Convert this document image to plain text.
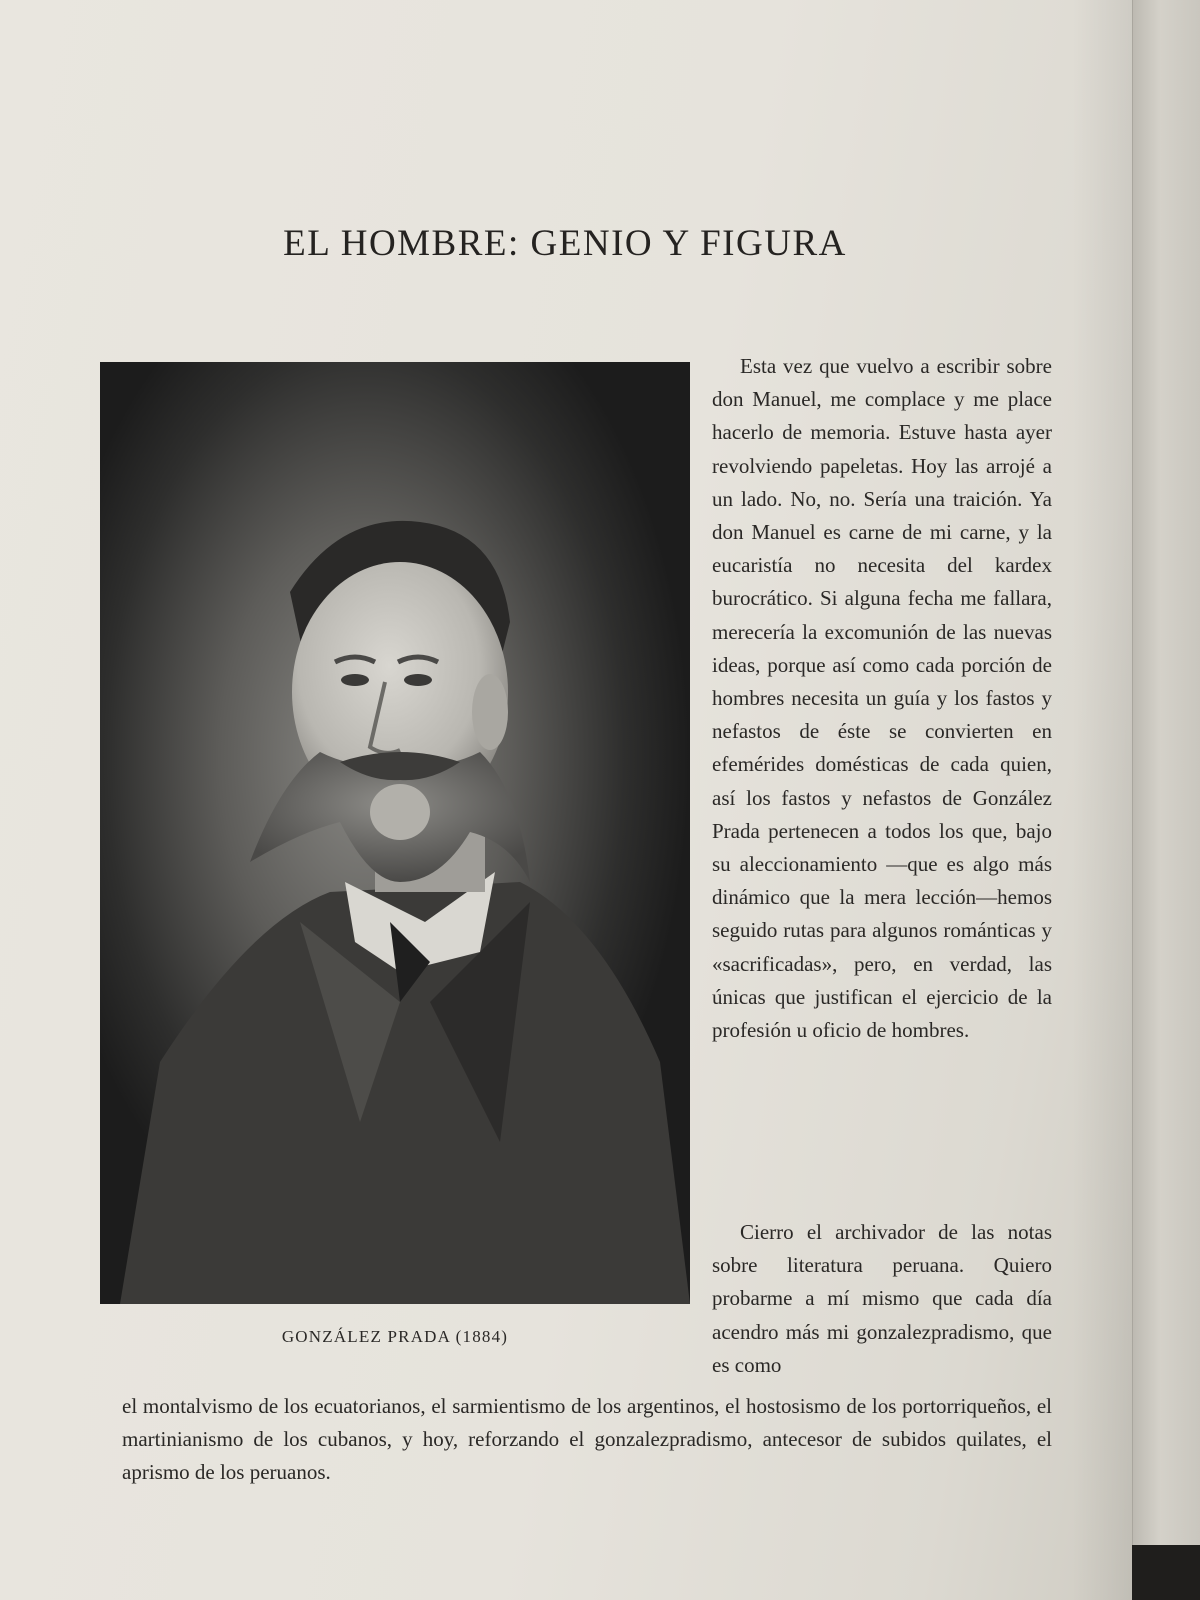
EL HOMBRE: GENIO Y FIGURA
GONZÁLEZ PRADA (1884)

Esta vez que vuelvo a escribir sobre don Manuel, me complace y me place hacerlo de memoria. Estuve hasta ayer revolviendo papeletas. Hoy las arrojé a un lado. No, no. Sería una traición. Ya don Manuel es carne de mi carne, y la eucaristía no necesita del kardex burocrático. Si alguna fecha me fallara, merecería la excomunión de las nuevas ideas, porque así como cada porción de hombres necesita un guía y los fastos y nefastos de éste se convierten en efemérides domésticas de cada quien, así los fastos y nefastos de González Prada pertenecen a todos los que, bajo su aleccionamiento —que es algo más dinámico que la mera lección—hemos seguido rutas para algunos románticas y «sacrificadas», pero, en verdad, las únicas que justifican el ejercicio de la profesión u oficio de hombres.

Cierro el archivador de las notas sobre literatura peruana. Quiero probarme a mí mismo que cada día acendro más mi gonzalezpradismo, que es como

el montalvismo de los ecuatorianos, el sarmientismo de los argentinos, el hostosismo de los portorriqueños, el martinianismo de los cubanos, y hoy, reforzando el gonzalezpradismo, antecesor de subidos quilates, el aprismo de los peruanos.
